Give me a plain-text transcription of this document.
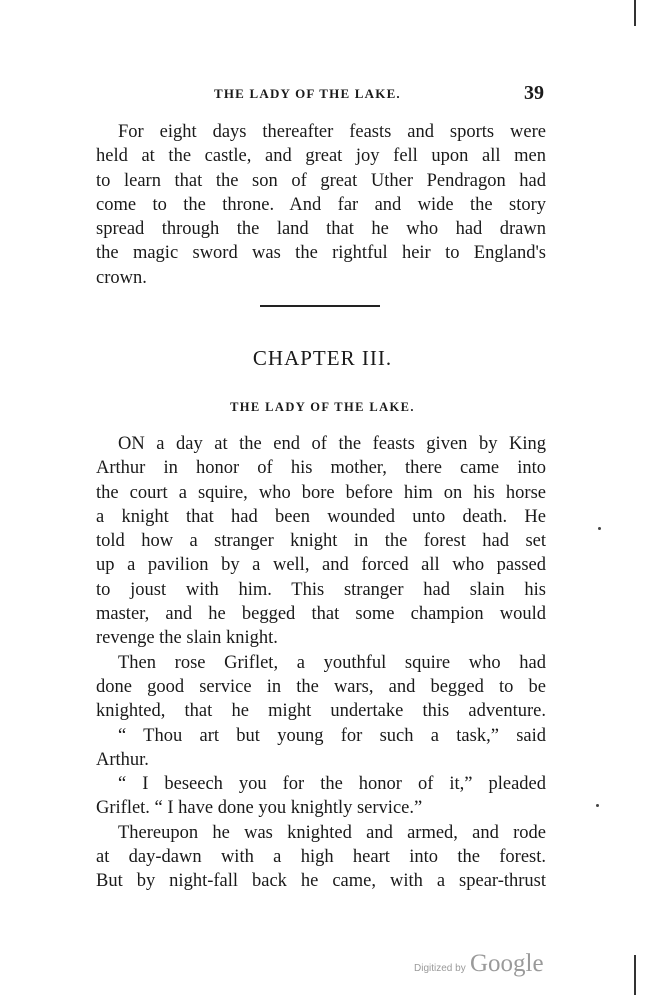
THE LADY OF THE LAKE.	39
For eight days thereafter feasts and sports were
held at the castle, and great joy fell upon all men
to learn that the son of great Uther Pendragon had
come to the throne. And far and wide the story
spread through the land that he who had drawn
the magic sword was the rightful heir to England's
crown.
CHAPTER III.
THE LADY OF THE LAKE.
ON a day at the end of the feasts given by King
Arthur in honor of his mother, there came into
the court a squire, who bore before him on his horse
a knight that had been wounded unto death. He
told how a stranger knight in the forest had set
up a pavilion by a well, and forced all who passed
to joust with him. This stranger had slain his
master, and he begged that some champion would
revenge the slain knight.
Then rose Griflet, a youthful squire who had
done good service in the wars, and begged to be
knighted, that he might undertake this adventure.
“ Thou art but young for such a task,” said
Arthur.
“ I beseech you for the honor of it,” pleaded
Griflet. “ I have done you knightly service.”
Thereupon he was knighted and armed, and rode
at day-dawn with a high heart into the forest.
But by night-fall back he came, with a spear-thrust
Digitized by Google
